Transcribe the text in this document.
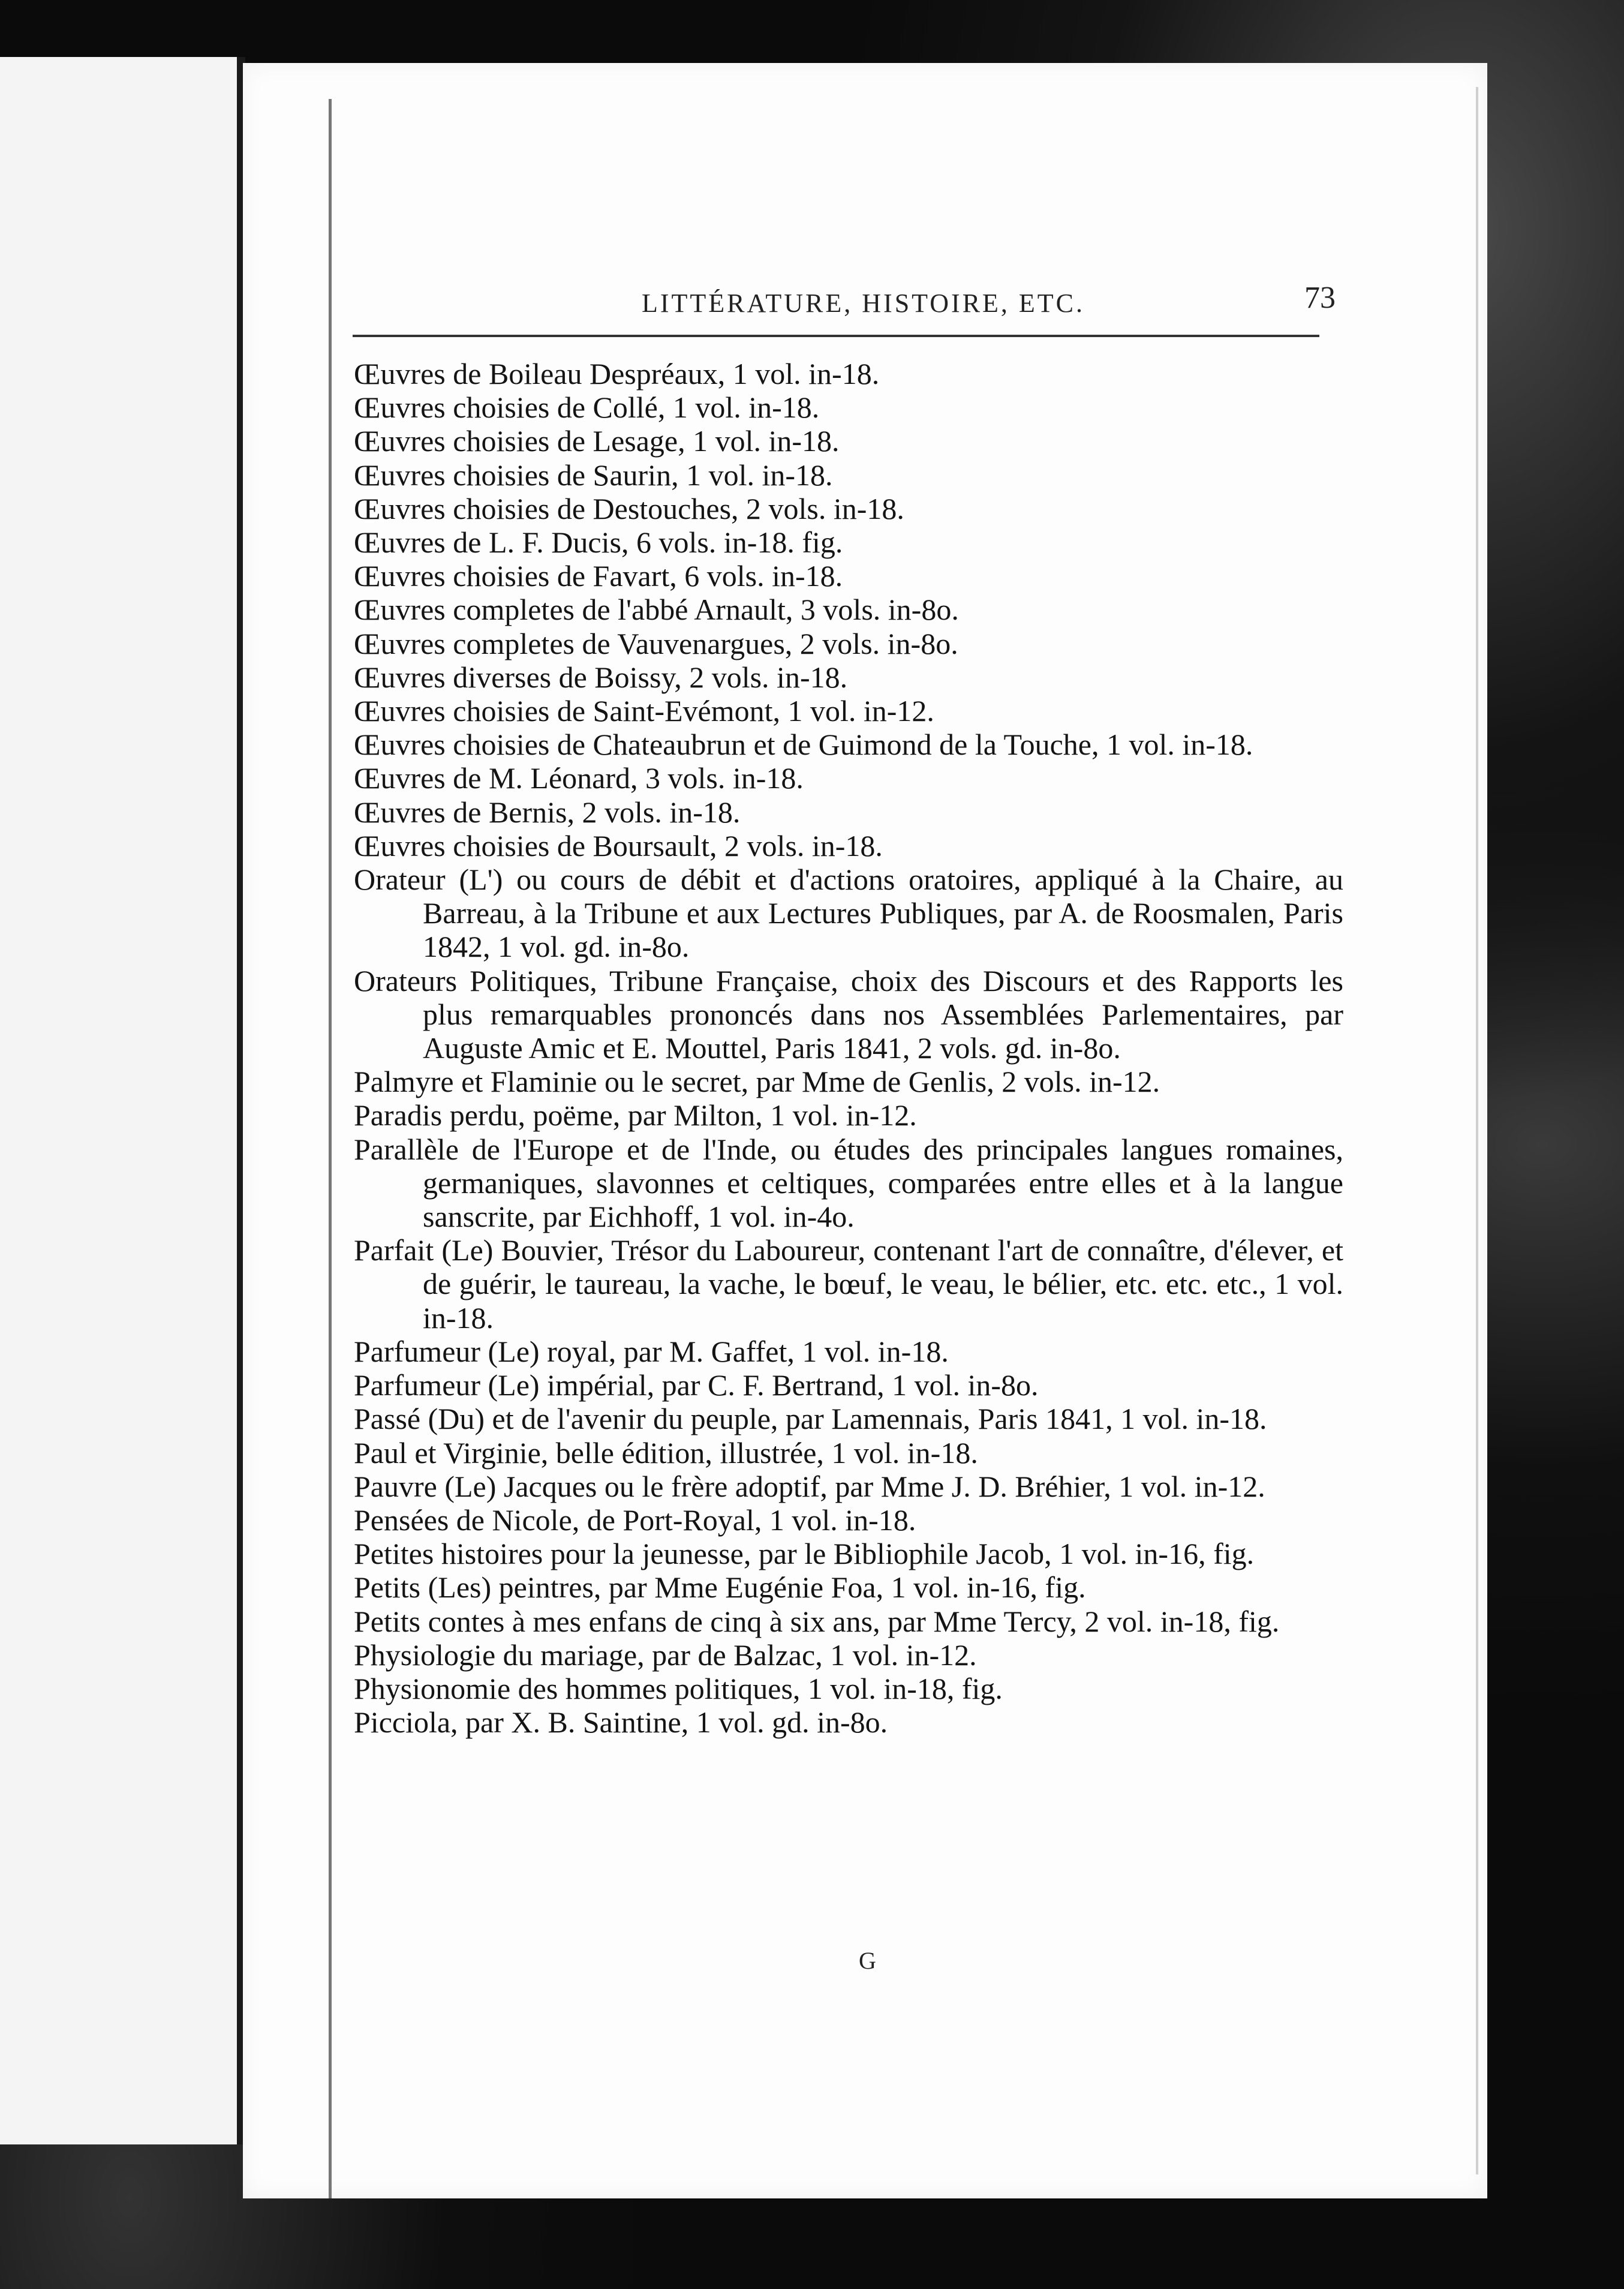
LITTÉRATURE, HISTOIRE, ETC.	73
Œuvres de Boileau Despréaux, 1 vol. in-18.
Œuvres choisies de Collé, 1 vol. in-18.
Œuvres choisies de Lesage, 1 vol. in-18.
Œuvres choisies de Saurin, 1 vol. in-18.
Œuvres choisies de Destouches, 2 vols. in-18.
Œuvres de L. F. Ducis, 6 vols. in-18. fig.
Œuvres choisies de Favart, 6 vols. in-18.
Œuvres completes de l'abbé Arnault, 3 vols. in-8o.
Œuvres completes de Vauvenargues, 2 vols. in-8o.
Œuvres diverses de Boissy, 2 vols. in-18.
Œuvres choisies de Saint-Evémont, 1 vol. in-12.
Œuvres choisies de Chateaubrun et de Guimond de la Touche, 1 vol. in-18.
Œuvres de M. Léonard, 3 vols. in-18.
Œuvres de Bernis, 2 vols. in-18.
Œuvres choisies de Boursault, 2 vols. in-18.
Orateur (L') ou cours de débit et d'actions oratoires, appliqué à la Chaire, au Barreau, à la Tribune et aux Lectures Publiques, par A. de Roosmalen, Paris 1842, 1 vol. gd. in-8o.
Orateurs Politiques, Tribune Française, choix des Discours et des Rapports les plus remarquables prononcés dans nos Assemblées Parlementaires, par Auguste Amic et E. Mouttel, Paris 1841, 2 vols. gd. in-8o.
Palmyre et Flaminie ou le secret, par Mme de Genlis, 2 vols. in-12.
Paradis perdu, poëme, par Milton, 1 vol. in-12.
Parallèle de l'Europe et de l'Inde, ou études des principales langues romaines, germaniques, slavonnes et celtiques, comparées entre elles et à la langue sanscrite, par Eichhoff, 1 vol. in-4o.
Parfait (Le) Bouvier, Trésor du Laboureur, contenant l'art de connaître, d'élever, et de guérir, le taureau, la vache, le bœuf, le veau, le bélier, etc. etc. etc., 1 vol. in-18.
Parfumeur (Le) royal, par M. Gaffet, 1 vol. in-18.
Parfumeur (Le) impérial, par C. F. Bertrand, 1 vol. in-8o.
Passé (Du) et de l'avenir du peuple, par Lamennais, Paris 1841, 1 vol. in-18.
Paul et Virginie, belle édition, illustrée, 1 vol. in-18.
Pauvre (Le) Jacques ou le frère adoptif, par Mme J. D. Bréhier, 1 vol. in-12.
Pensées de Nicole, de Port-Royal, 1 vol. in-18.
Petites histoires pour la jeunesse, par le Bibliophile Jacob, 1 vol. in-16, fig.
Petits (Les) peintres, par Mme Eugénie Foa, 1 vol. in-16, fig.
Petits contes à mes enfans de cinq à six ans, par Mme Tercy, 2 vol. in-18, fig.
Physiologie du mariage, par de Balzac, 1 vol. in-12.
Physionomie des hommes politiques, 1 vol. in-18, fig.
Picciola, par X. B. Saintine, 1 vol. gd. in-8o.
G
